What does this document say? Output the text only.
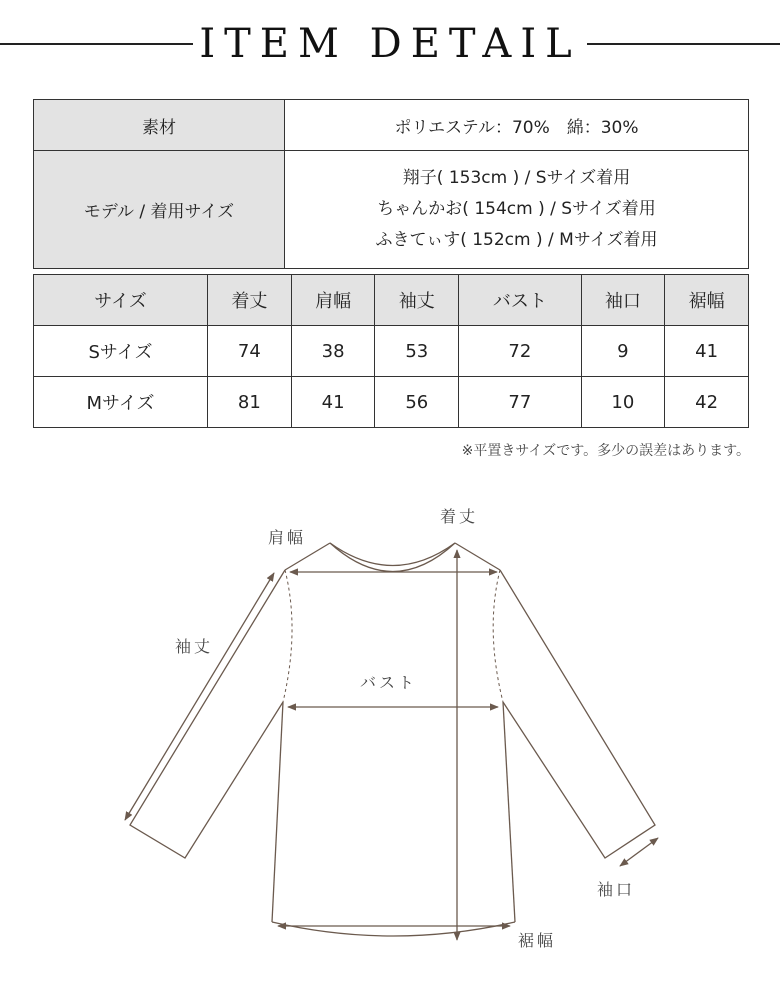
ITEM DETAIL
素材	ポリエステル：70%　綿：30%
モデル / 着用サイズ	翔子( 153cm ) / Sサイズ着用
ちゃんかお( 154cm ) / Sサイズ着用
ふきてぃす( 152cm ) / Mサイズ着用
サイズ	着丈	肩幅	袖丈	バスト	袖口	裾幅
Sサイズ	74	38	53	72	9	41
Mサイズ	81	41	56	77	10	42
※平置きサイズです。多少の誤差はあります。
着丈
肩幅
袖丈
バスト
袖口
裾幅
